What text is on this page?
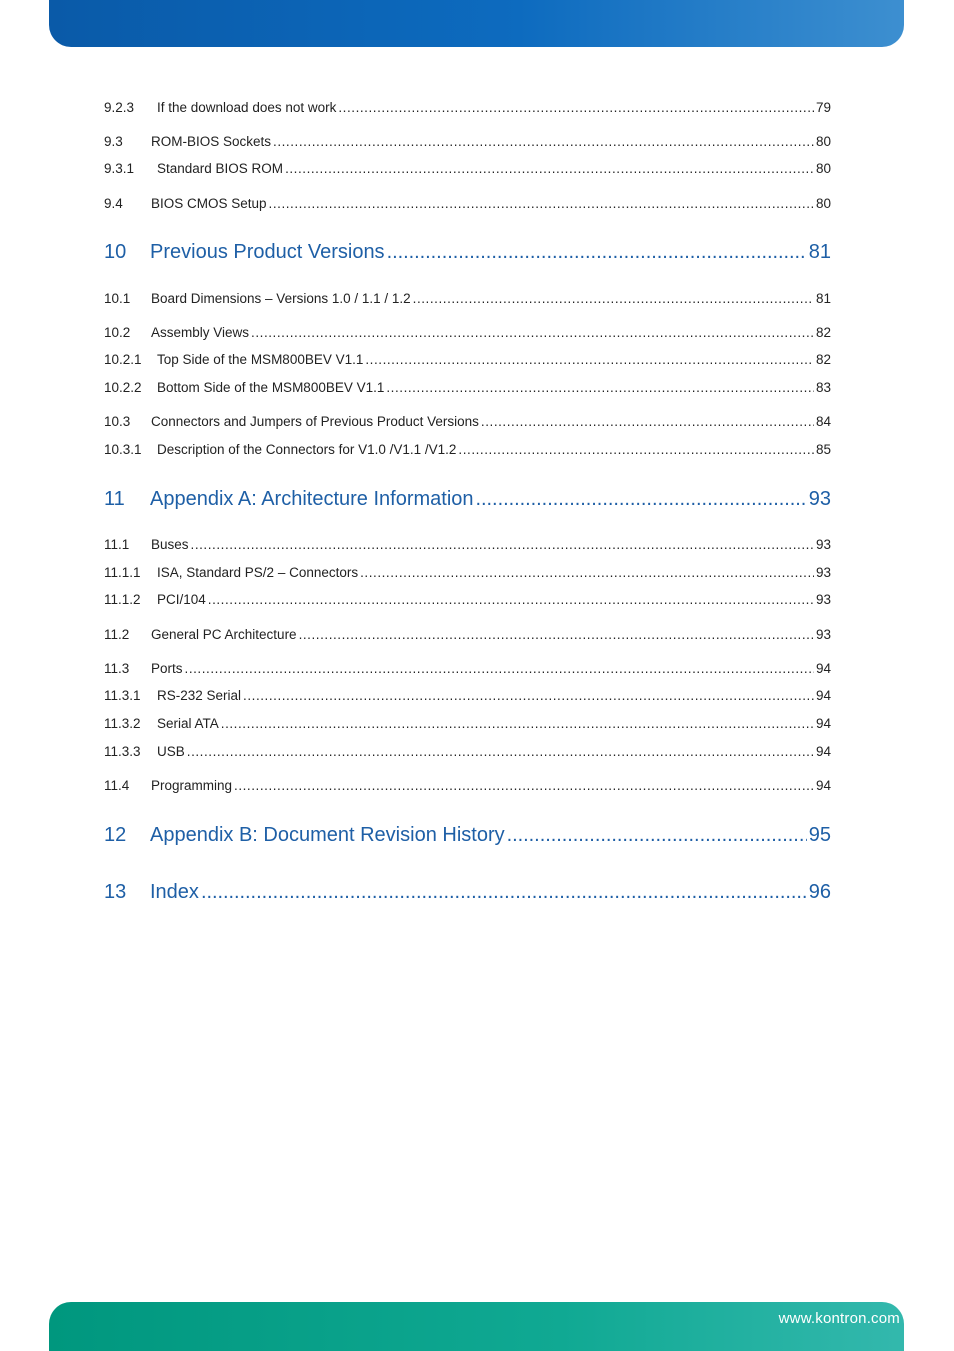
9.2.3	If the download does not work . . .	79
9.3	ROM-BIOS Sockets . . .	80
9.3.1	Standard BIOS ROM . . .	80
9.4	BIOS CMOS Setup . . .	80
10	Previous Product Versions . . .	81
10.1	Board Dimensions – Versions 1.0 / 1.1 / 1.2 . . .	81
10.2	Assembly Views . . .	82
10.2.1	Top Side of the MSM800BEV V1.1 . . .	82
10.2.2	Bottom Side of the MSM800BEV V1.1 . . .	83
10.3	Connectors and Jumpers of Previous Product Versions . . .	84
10.3.1	Description of the Connectors for V1.0 /V1.1 /V1.2 . . .	85
11	Appendix A: Architecture Information . . .	93
11.1	Buses . . .	93
11.1.1	ISA, Standard PS/2 – Connectors . . .	93
11.1.2	PCI/104 . . .	93
11.2	General PC Architecture . . .	93
11.3	Ports . . .	94
11.3.1	RS-232 Serial . . .	94
11.3.2	Serial ATA . . .	94
11.3.3	USB . . .	94
11.4	Programming . . .	94
12	Appendix B: Document Revision History . . .	95
13	Index . . .	96
www.kontron.com
